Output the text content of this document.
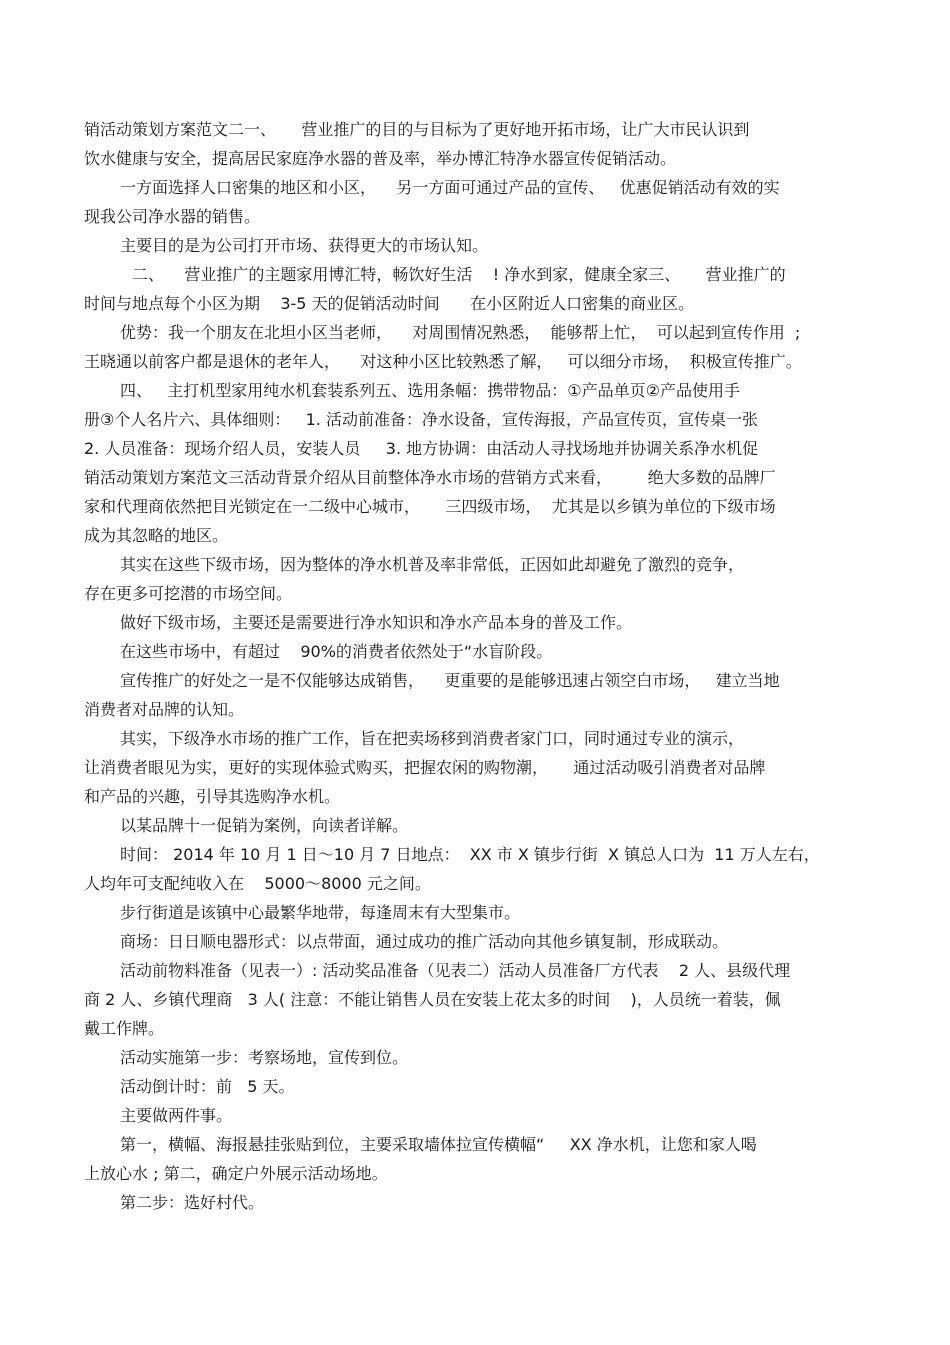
销活动策划方案范文二一、     营业推广的目的与目标为了更好地开拓市场，让广大市民认识到
饮水健康与安全，提高居民家庭净水器的普及率，举办博汇特净水器宣传促销活动。
一方面选择人口密集的地区和小区，    另一方面可通过产品的宣传、   优惠促销活动有效的实
现我公司净水器的销售。
主要目的是为公司打开市场、获得更大的市场认知。
二、    营业推广的主题家用博汇特，畅饮好生活    ! 净水到家，健康全家三、     营业推广的
时间与地点每个小区为期    3-5 天的促销活动时间      在小区附近人口密集的商业区。
优势：我一个朋友在北坦小区当老师，    对周围情况熟悉，  能够帮上忙，  可以起到宣传作用  ;
王晓通以前客户都是退休的老年人，    对这种小区比较熟悉了解，   可以细分市场，  积极宣传推广。
四、   主打机型家用纯水机套装系列五、选用条幅：携带物品：①产品单页②产品使用手
册③个人名片六、具体细则：   1. 活动前准备：净水设备，宣传海报，产品宣传页，宣传桌一张
2. 人员准备：现场介绍人员，安装人员     3. 地方协调：由活动人寻找场地并协调关系净水机促
销活动策划方案范文三活动背景介绍从目前整体净水市场的营销方式来看，       绝大多数的品牌厂
家和代理商依然把目光锁定在一二级中心城市，     三四级市场，  尤其是以乡镇为单位的下级市场
成为其忽略的地区。
其实在这些下级市场，因为整体的净水机普及率非常低，正因如此却避免了激烈的竞争，
存在更多可挖潜的市场空间。
做好下级市场，主要还是需要进行净水知识和净水产品本身的普及工作。
在这些市场中，有超过    90%的消费者依然处于“水盲阶段。
宣传推广的好处之一是不仅能够达成销售，    更重要的是能够迅速占领空白市场，   建立当地
消费者对品牌的认知。
其实，下级净水市场的推广工作，旨在把卖场移到消费者家门口，同时通过专业的演示，
让消费者眼见为实，更好的实现体验式购买，把握农闲的购物潮，     通过活动吸引消费者对品牌
和产品的兴趣，引导其选购净水机。
以某品牌十一促销为案例，向读者详解。
时间： 2014 年 10 月 1 日～10 月 7 日地点：  XX 市 X 镇步行街  X 镇总人口为  11 万人左右，
人均年可支配纯收入在    5000～8000 元之间。
步行街道是该镇中心最繁华地带，每逢周末有大型集市。
商场：日日顺电器形式：以点带面，通过成功的推广活动向其他乡镇复制，形成联动。
活动前物料准备（见表一）: 活动奖品准备（见表二）活动人员准备厂方代表    2 人、县级代理
商 2 人、乡镇代理商   3 人( 注意：不能让销售人员在安装上花太多的时间    )，人员统一着装，佩
戴工作牌。
活动实施第一步：考察场地，宣传到位。
活动倒计时：前   5 天。
主要做两件事。
第一，横幅、海报悬挂张贴到位，主要采取墙体拉宣传横幅“     XX 净水机，让您和家人喝
上放心水 ; 第二，确定户外展示活动场地。
第二步：选好村代。
